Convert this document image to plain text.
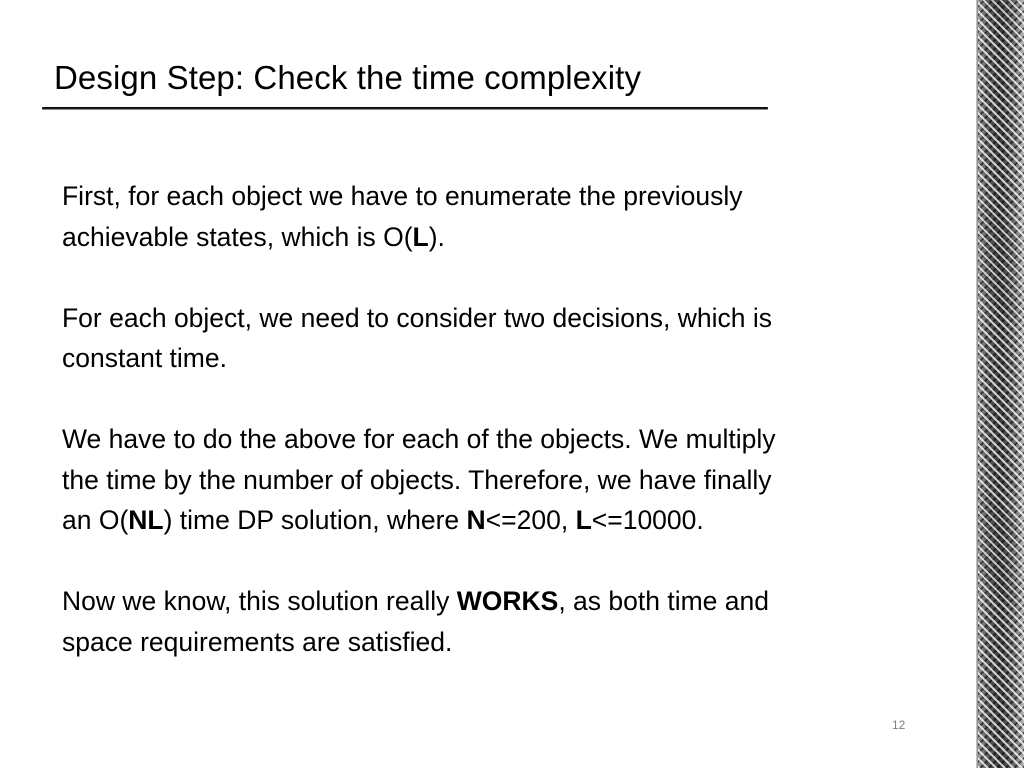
Design Step: Check the time complexity

First, for each object we have to enumerate the previously
achievable states, which is O(L).

For each object, we need to consider two decisions, which is
constant time.

We have to do the above for each of the objects. We multiply
the time by the number of objects. Therefore, we have finally
an O(NL) time DP solution, where N<=200, L<=10000.

Now we know, this solution really WORKS, as both time and
space requirements are satisfied.

12
